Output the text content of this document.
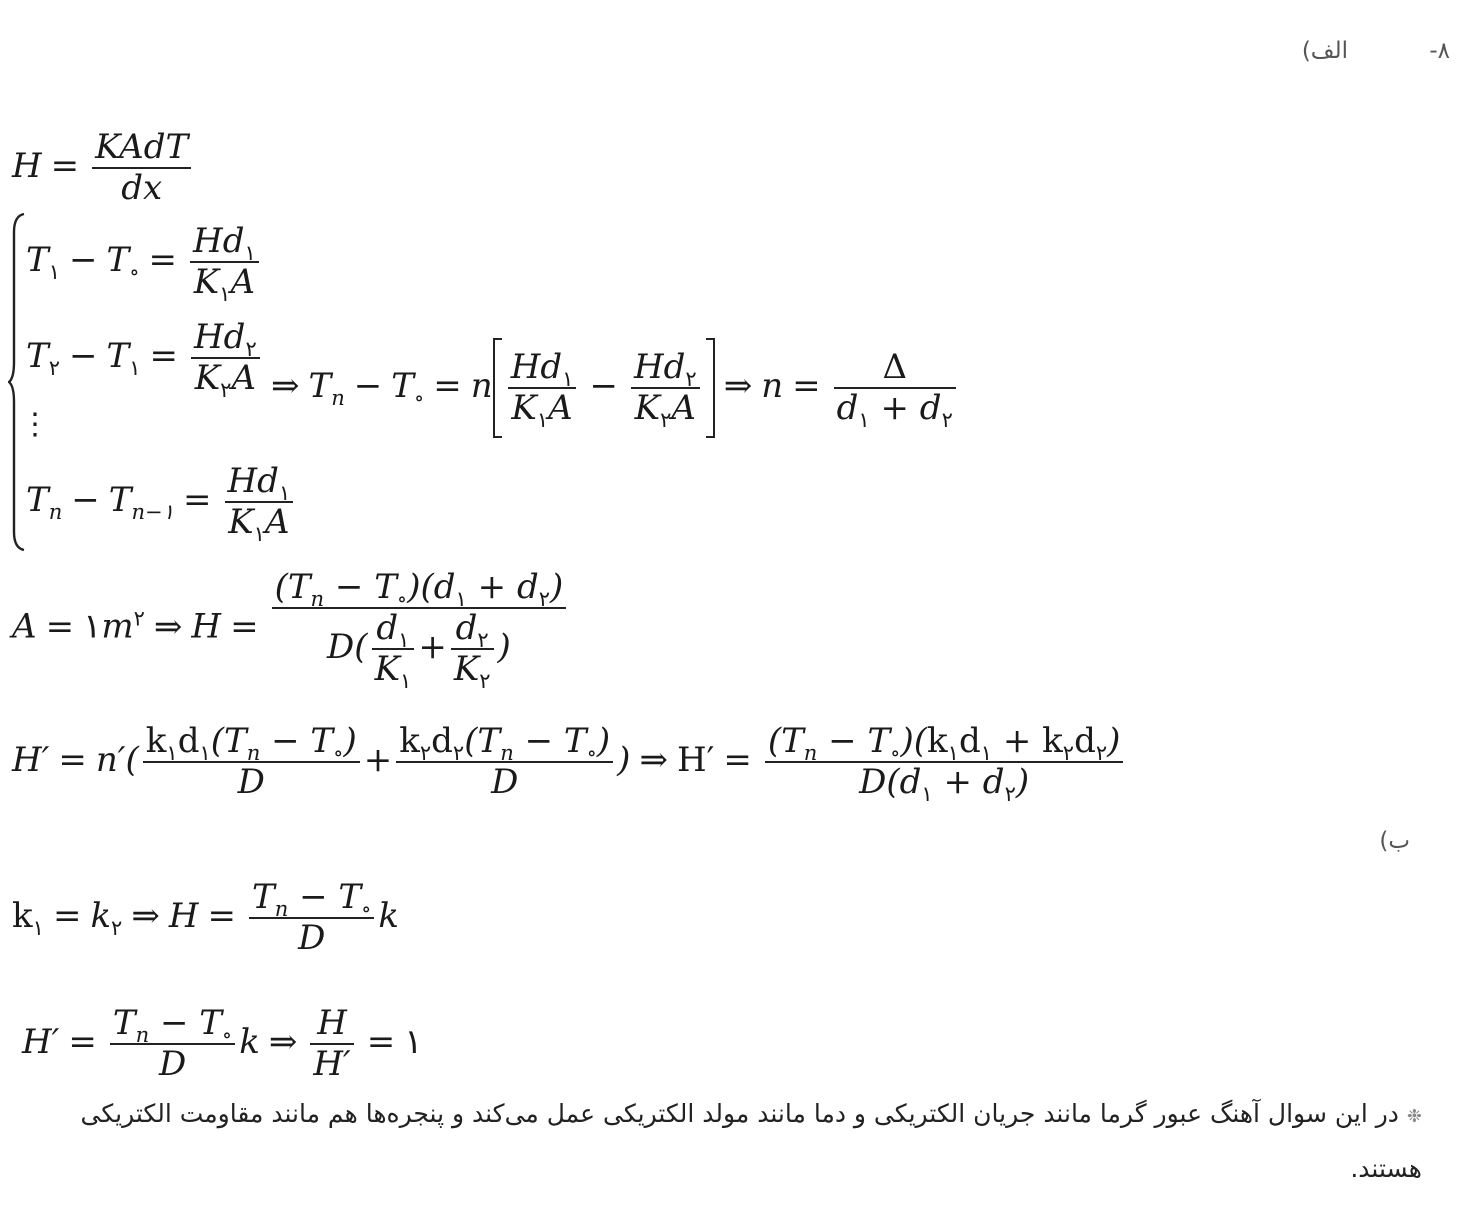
۸-
الف)
$H = \frac{\text{KAdT}}{dx}$
$T_۱ - T_\circ = \frac{Hd_۱}{K_۱A}$
$T_۲ - T_۱ = \frac{Hd_۲}{K_۲A}$
⋮
$T_n - T_{n-۱} = \frac{Hd_۱}{K_۱A}$
⇒ $T_n - T_\circ = n \frac{Hd_۱}{K_۱A} - \frac{Hd_۲}{K_۲A}$ ⇒ $n = \frac{\Delta}{d_۱ + d_۲}$
$A = ۱m^۲$ ⇒ $H = \frac{(T_n - T_\circ)(d_۱ + d_۲)}{D( \frac{d_۱}{K_۱} + \frac{d_۲}{K_۲} )}$
$H' = n'( \frac{k_۱d_۱(T_n - T_\circ)}{D} + \frac{k_۲d_۲(T_n - T_\circ)}{D}$ ) ⇒ $H' = \frac{(T_n - T_\circ)(k_۱d_۱ + k_۲d_۲)}{D(d_۱ + d_۲)}$
ب)
$k_۱ = k_۲$ ⇒ $H = \frac{T_n - T_\circ}{D}$ k
$H' = \frac{T_n - T_\circ}{D}$ k ⇒ $\frac{H}{H'}$ = ۱
❉ در این سوال آهنگ عبور گرما مانند جریان الکتریکی و دما مانند مولد الکتریکی عمل می‌کند و پنجره‌ها هم مانند مقاومت الکتریکی
هستند.
